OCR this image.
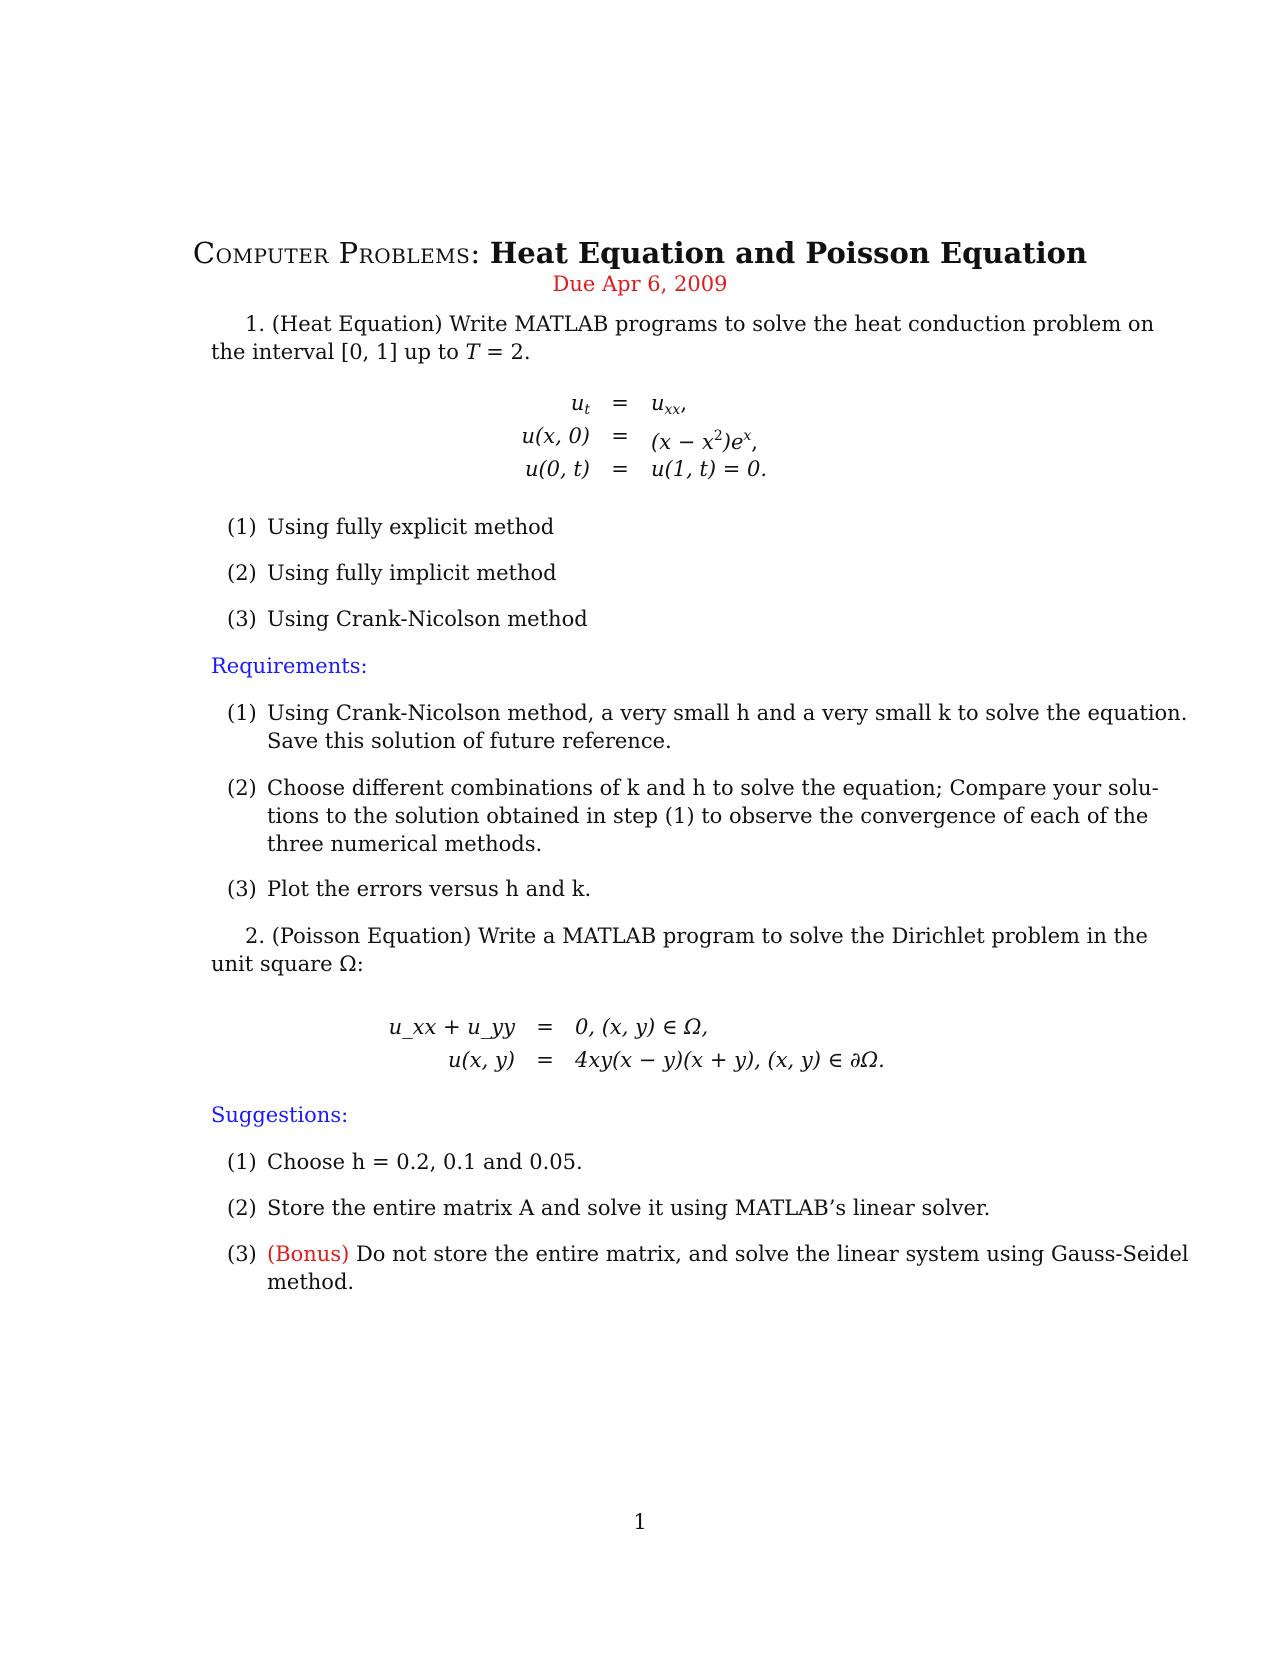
Computer Problems: Heat Equation and Poisson Equation
Due Apr 6, 2009
1. (Heat Equation) Write MATLAB programs to solve the heat conduction problem on
the interval [0, 1] up to T = 2.
$u_t = u_{xx}$,
u(x, $0) = (x - x^2)e^x$,
u(0, t) = u(1, t) = 0.
(1) Using fully explicit method
(2) Using fully implicit method
(3) Using Crank-Nicolson method
Requirements:
(1) Using Crank-Nicolson method, a very small h and a very small k to solve the equation.
Save this solution of future reference.
(2) Choose different combinations of k and h to solve the equation; Compare your solu-
tions to the solution obtained in step (1) to observe the convergence of each of the
three numerical methods.
(3) Plot the errors versus h and k.
2. (Poisson Equation) Write a MATLAB program to solve the Dirichlet problem in the
unit square Ω:
u_xx + u_yy = 0, (x, y) ∈ Ω,
u(x, y) = 4xy(x − y)(x + y), (x, y) ∈ ∂Ω.
Suggestions:
(1) Choose h = 0.2, 0.1 and 0.05.
(2) Store the entire matrix A and solve it using MATLAB’s linear solver.
(3) (Bonus) Do not store the entire matrix, and solve the linear system using Gauss-Seidel
method.
1
